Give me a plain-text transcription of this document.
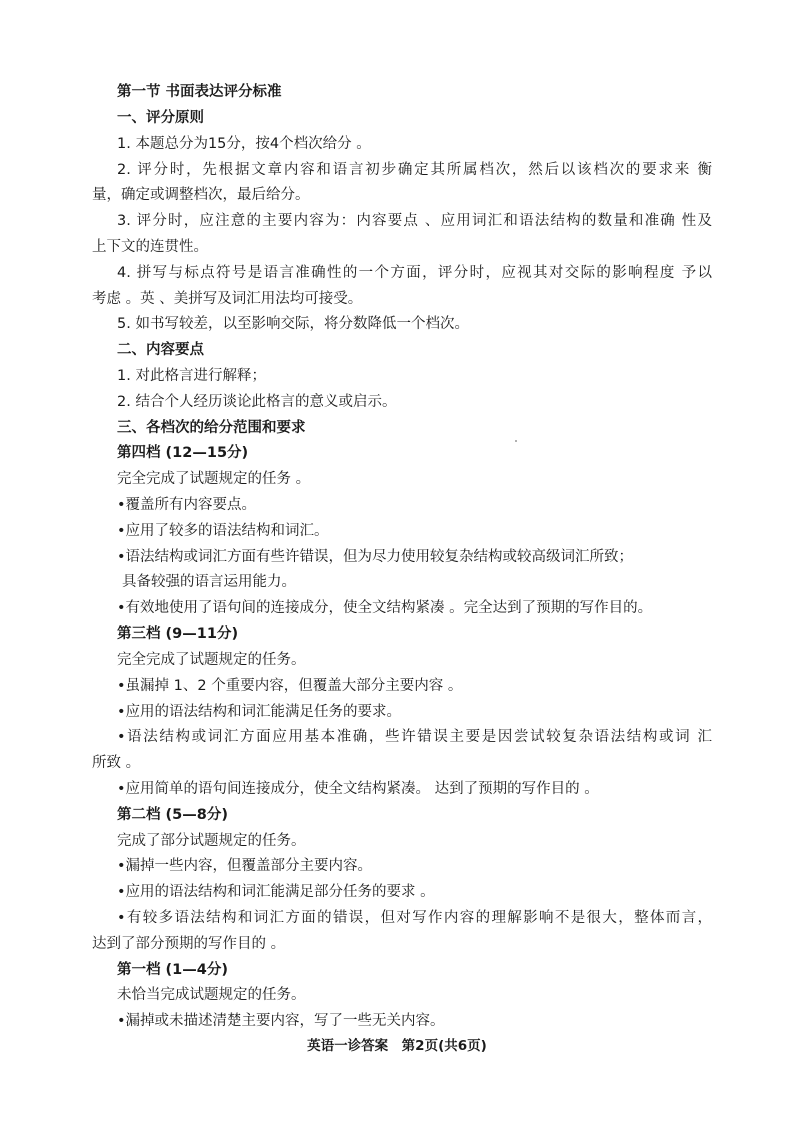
第一节 书面表达评分标准
一、评分原则
1. 本题总分为15分，按4个档次给分 。
2. 评分时，先根据文章内容和语言初步确定其所属档次，然后以该档次的要求来 衡
量，确定或调整档次，最后给分。
3. 评分时，应注意的主要内容为：内容要点 、应用词汇和语法结构的数量和准确 性及
上下文的连贯性。
4. 拼写与标点符号是语言准确性的一个方面，评分时，应视其对交际的影响程度 予以
考虑 。英 、美拼写及词汇用法均可接受。
5. 如书写较差，以至影响交际，将分数降低一个档次。
二、内容要点
1. 对此格言进行解释；
2. 结合个人经历谈论此格言的意义或启示。
三、各档次的给分范围和要求
第四档 (12—15分)
完全完成了试题规定的任务 。
•覆盖所有内容要点。
•应用了较多的语法结构和词汇。
•语法结构或词汇方面有些许错误，但为尽力使用较复杂结构或较高级词汇所致；
具备较强的语言运用能力。
•有效地使用了语句间的连接成分，使全文结构紧凑 。完全达到了预期的写作目的。
第三档 (9—11分)
完全完成了试题规定的任务。
•虽漏掉 1、2 个重要内容，但覆盖大部分主要内容 。
•应用的语法结构和词汇能满足任务的要求。
•语法结构或词汇方面应用基本准确，些许错误主要是因尝试较复杂语法结构或词 汇
所致 。
•应用简单的语句间连接成分，使全文结构紧凑。 达到了预期的写作目的 。
第二档 (5—8分)
完成了部分试题规定的任务。
•漏掉一些内容，但覆盖部分主要内容。
•应用的语法结构和词汇能满足部分任务的要求 。
•有较多语法结构和词汇方面的错误，但对写作内容的理解影响不是很大，整体而言，
达到了部分预期的写作目的 。
第一档 (1—4分)
未恰当完成试题规定的任务。
•漏掉或未描述清楚主要内容，写了一些无关内容。
英语一诊答案　第2页(共6页)
